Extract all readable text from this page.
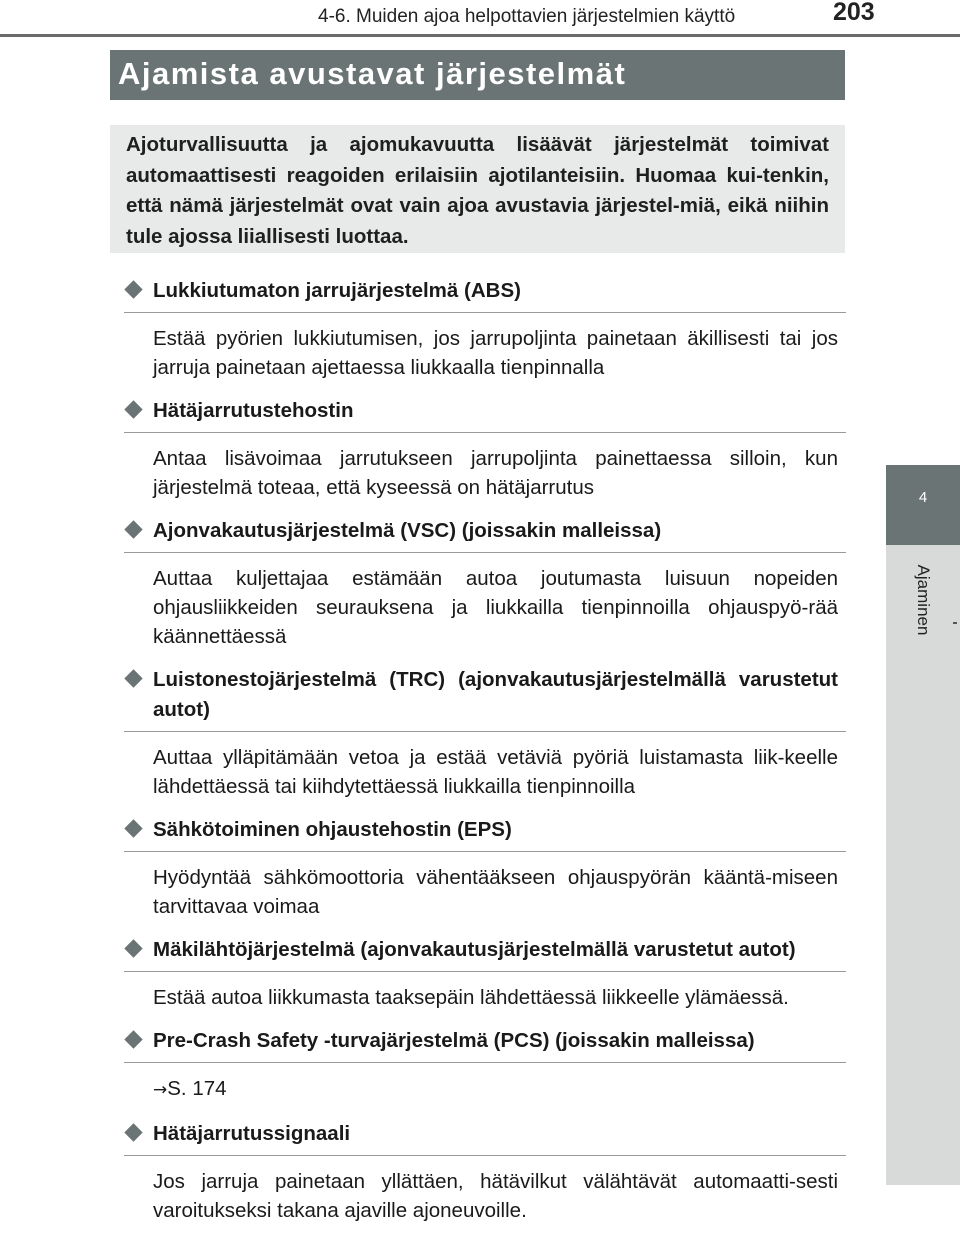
4-6. Muiden ajoa helpottavien järjestelmien käyttö	203
4
Ajaminen
Ajamista avustavat järjestelmät

Ajoturvallisuutta ja ajomukavuutta lisäävät järjestelmät toimivat automaattisesti reagoiden erilaisiin ajotilanteisiin. Huomaa kui-tenkin, että nämä järjestelmät ovat vain ajoa avustavia järjestel-miä, eikä niihin tule ajossa liiallisesti luottaa.

Lukkiutumaton jarrujärjestelmä (ABS)
Estää pyörien lukkiutumisen, jos jarrupoljinta painetaan äkillisesti tai jos jarruja painetaan ajettaessa liukkaalla tienpinnalla
Hätäjarrutustehostin
Antaa lisävoimaa jarrutukseen jarrupoljinta painettaessa silloin, kun järjestelmä toteaa, että kyseessä on hätäjarrutus
Ajonvakautusjärjestelmä (VSC) (joissakin malleissa)
Auttaa kuljettajaa estämään autoa joutumasta luisuun nopeiden ohjausliikkeiden seurauksena ja liukkailla tienpinnoilla ohjauspyö-rää käännettäessä
Luistonestojärjestelmä (TRC) (ajonvakautusjärjestelmällä varustetut autot)
Auttaa ylläpitämään vetoa ja estää vetäviä pyöriä luistamasta liik-keelle lähdettäessä tai kiihdytettäessä liukkailla tienpinnoilla
Sähkötoiminen ohjaustehostin (EPS)
Hyödyntää sähkömoottoria vähentääkseen ohjauspyörän kääntä-miseen tarvittavaa voimaa
Mäkilähtöjärjestelmä (ajonvakautusjärjestelmällä varustetut autot)
Estää autoa liikkumasta taaksepäin lähdettäessä liikkeelle ylämäessä.
Pre-Crash Safety -turvajärjestelmä (PCS) (joissakin malleissa)
→S. 174
Hätäjarrutussignaali
Jos jarruja painetaan yllättäen, hätävilkut välähtävät automaatti-sesti varoitukseksi takana ajaville ajoneuvoille.
